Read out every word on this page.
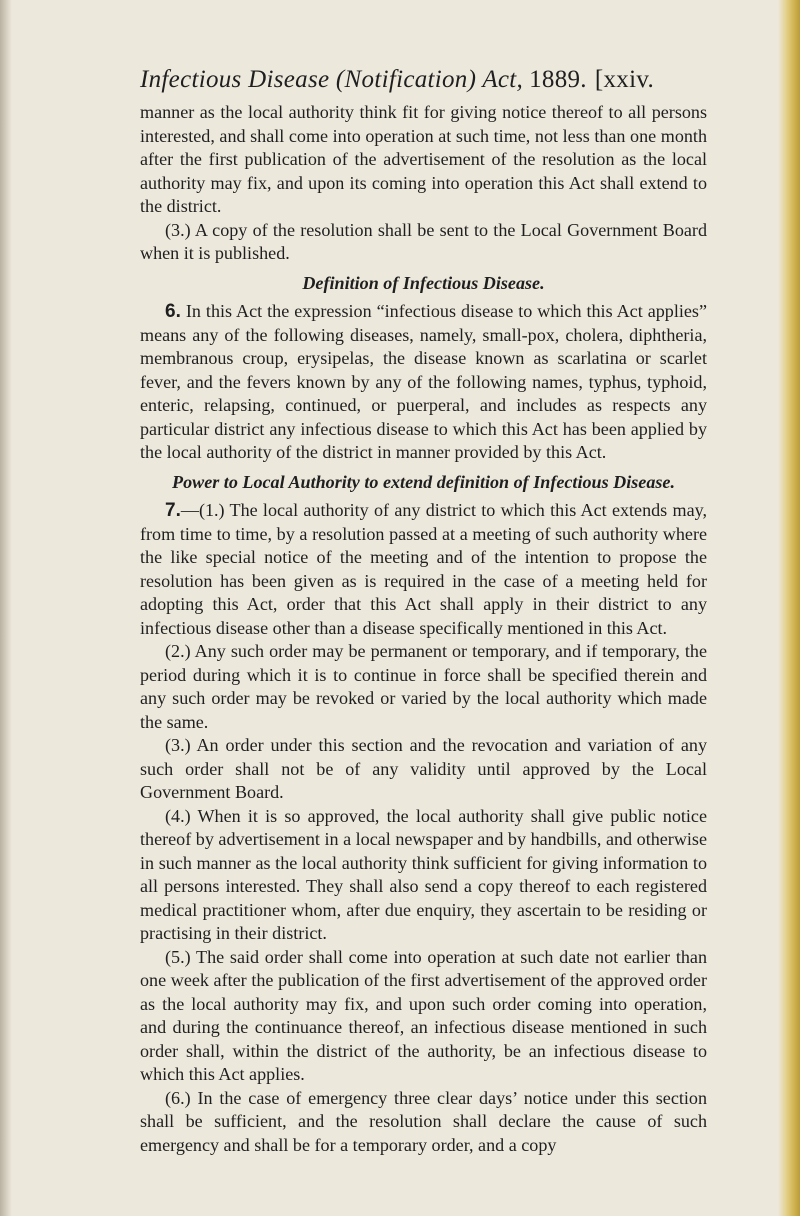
Infectious Disease (Notification) Act, 1889. [xxiv.

manner as the local authority think fit for giving notice thereof to all persons interested, and shall come into operation at such time, not less than one month after the first publication of the advertisement of the resolution as the local authority may fix, and upon its coming into operation this Act shall extend to the district.

(3.) A copy of the resolution shall be sent to the Local Government Board when it is published.

Definition of Infectious Disease.

6. In this Act the expression “infectious disease to which this Act applies” means any of the following diseases, namely, small-pox, cholera, diphtheria, membranous croup, erysipelas, the disease known as scarlatina or scarlet fever, and the fevers known by any of the following names, typhus, typhoid, enteric, relapsing, continued, or puerperal, and includes as respects any particular district any infectious disease to which this Act has been applied by the local authority of the district in manner provided by this Act.

Power to Local Authority to extend definition of Infectious Disease.

7.—(1.) The local authority of any district to which this Act extends may, from time to time, by a resolution passed at a meeting of such authority where the like special notice of the meeting and of the intention to propose the resolution has been given as is required in the case of a meeting held for adopting this Act, order that this Act shall apply in their district to any infectious disease other than a disease specifically mentioned in this Act.

(2.) Any such order may be permanent or temporary, and if temporary, the period during which it is to continue in force shall be specified therein and any such order may be revoked or varied by the local authority which made the same.

(3.) An order under this section and the revocation and variation of any such order shall not be of any validity until approved by the Local Government Board.

(4.) When it is so approved, the local authority shall give public notice thereof by advertisement in a local newspaper and by handbills, and otherwise in such manner as the local authority think sufficient for giving information to all persons interested. They shall also send a copy thereof to each registered medical practitioner whom, after due enquiry, they ascertain to be residing or practising in their district.

(5.) The said order shall come into operation at such date not earlier than one week after the publication of the first advertisement of the approved order as the local authority may fix, and upon such order coming into operation, and during the continuance thereof, an infectious disease mentioned in such order shall, within the district of the authority, be an infectious disease to which this Act applies.

(6.) In the case of emergency three clear days’ notice under this section shall be sufficient, and the resolution shall declare the cause of such emergency and shall be for a temporary order, and a copy
